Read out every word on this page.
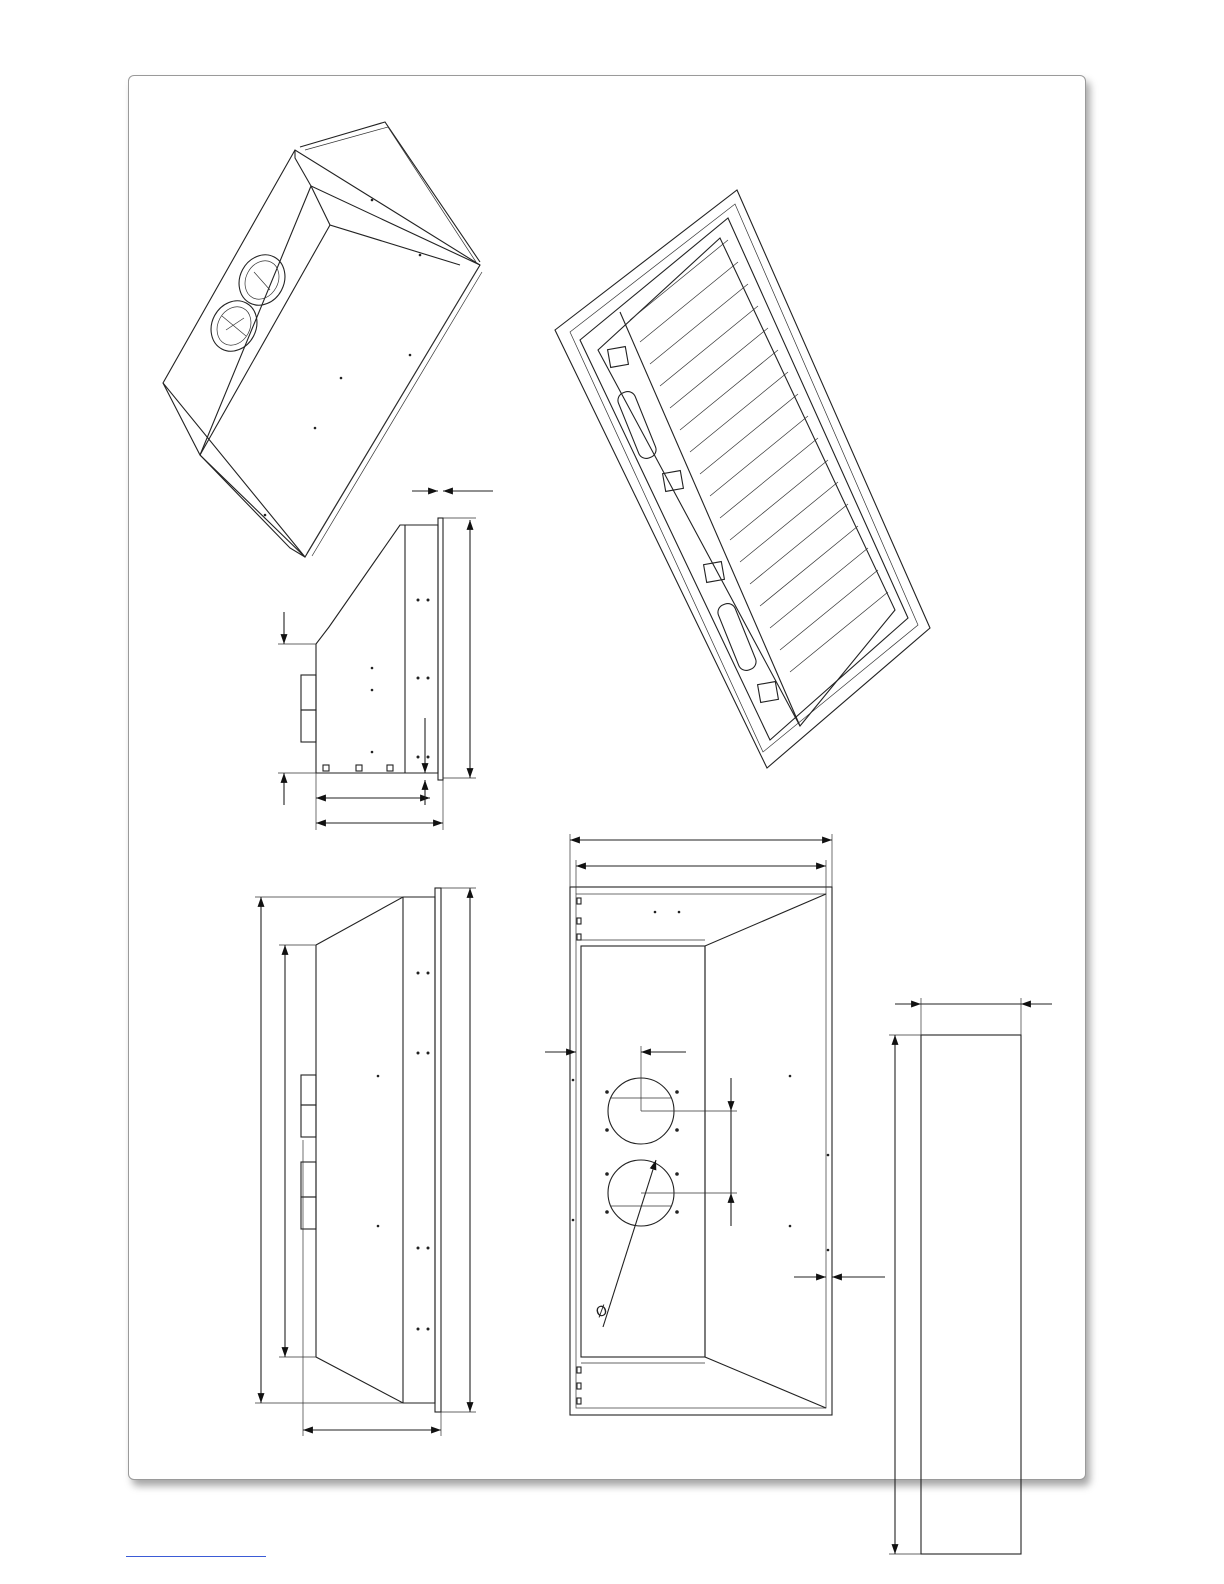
Ø
